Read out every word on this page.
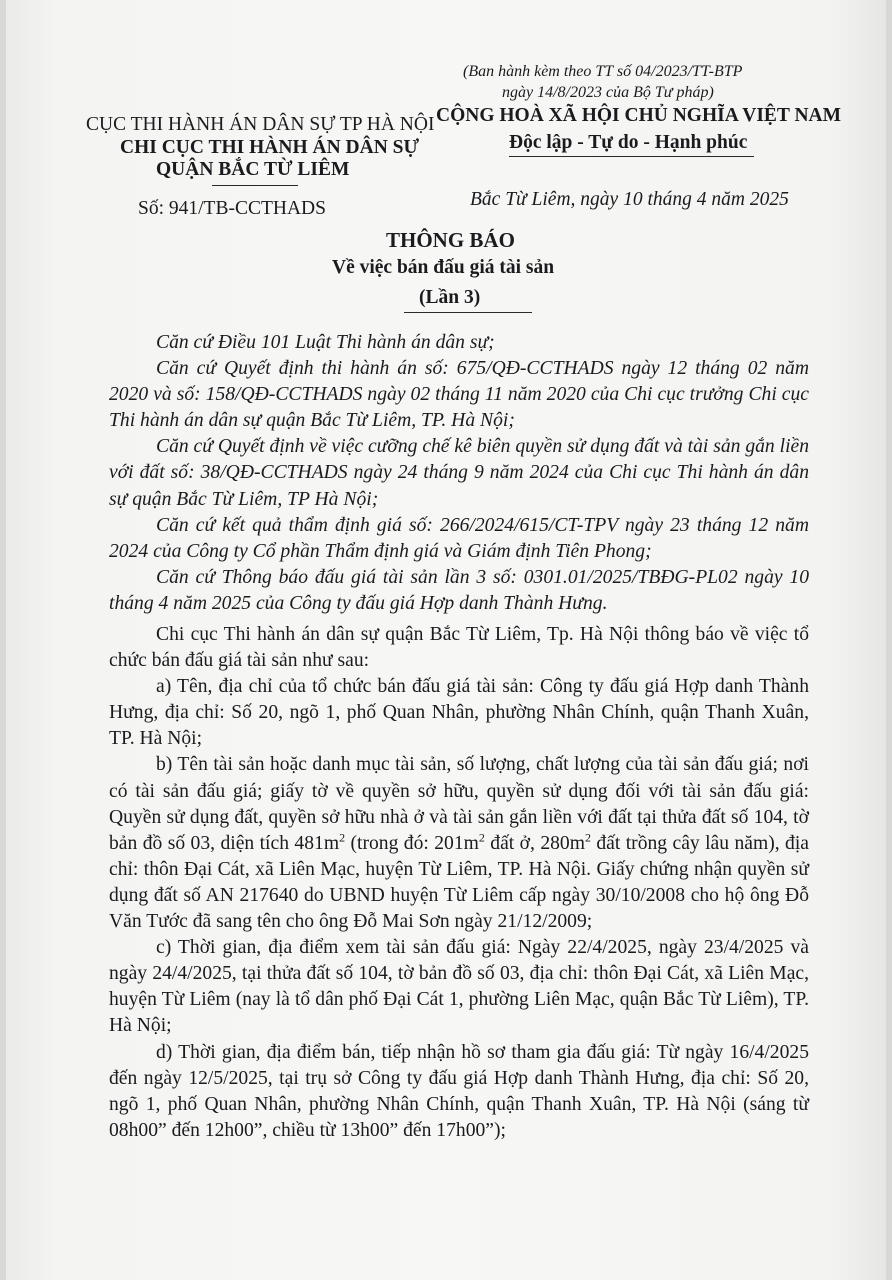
(Ban hành kèm theo TT số 04/2023/TT-BTP
ngày 14/8/2023 của Bộ Tư pháp)
CỤC THI HÀNH ÁN DÂN SỰ TP HÀ NỘI
CHI CỤC THI HÀNH ÁN DÂN SỰ
QUẬN BẮC TỪ LIÊM
CỘNG HOÀ XÃ HỘI CHỦ NGHĨA VIỆT NAM
Độc lập - Tự do - Hạnh phúc
Số: 941/TB-CCTHADS	Bắc Từ Liêm, ngày 10 tháng 4 năm 2025
THÔNG BÁO
Về việc bán đấu giá tài sản
(Lần 3)

Căn cứ Điều 101 Luật Thi hành án dân sự;

Căn cứ Quyết định thi hành án số: 675/QĐ-CCTHADS ngày 12 tháng 02 năm 2020 và số: 158/QĐ-CCTHADS ngày 02 tháng 11 năm 2020 của Chi cục trưởng Chi cục Thi hành án dân sự quận Bắc Từ Liêm, TP. Hà Nội;

Căn cứ Quyết định về việc cưỡng chế kê biên quyền sử dụng đất và tài sản gắn liền với đất số: 38/QĐ-CCTHADS ngày 24 tháng 9 năm 2024 của Chi cục Thi hành án dân sự quận Bắc Từ Liêm, TP Hà Nội;

Căn cứ kết quả thẩm định giá số: 266/2024/615/CT-TPV ngày 23 tháng 12 năm 2024 của Công ty Cổ phần Thẩm định giá và Giám định Tiên Phong;

Căn cứ Thông báo đấu giá tài sản lần 3 số: 0301.01/2025/TBĐG-PL02 ngày 10 tháng 4 năm 2025 của Công ty đấu giá Hợp danh Thành Hưng.

Chi cục Thi hành án dân sự quận Bắc Từ Liêm, Tp. Hà Nội thông báo về việc tổ chức bán đấu giá tài sản như sau:

a) Tên, địa chỉ của tổ chức bán đấu giá tài sản: Công ty đấu giá Hợp danh Thành Hưng, địa chỉ: Số 20, ngõ 1, phố Quan Nhân, phường Nhân Chính, quận Thanh Xuân, TP. Hà Nội;

b) Tên tài sản hoặc danh mục tài sản, số lượng, chất lượng của tài sản đấu giá; nơi có tài sản đấu giá; giấy tờ về quyền sở hữu, quyền sử dụng đối với tài sản đấu giá: Quyền sử dụng đất, quyền sở hữu nhà ở và tài sản gắn liền với đất tại thửa đất số 104, tờ bản đồ số 03, diện tích $481m^2$ (trong đó: $201m^2$ đất ở, $280m^2$ đất trồng cây lâu năm), địa chỉ: thôn Đại Cát, xã Liên Mạc, huyện Từ Liêm, TP. Hà Nội. Giấy chứng nhận quyền sử dụng đất số AN 217640 do UBND huyện Từ Liêm cấp ngày 30/10/2008 cho hộ ông Đỗ Văn Tước đã sang tên cho ông Đỗ Mai Sơn ngày 21/12/2009;

c) Thời gian, địa điểm xem tài sản đấu giá: Ngày 22/4/2025, ngày 23/4/2025 và ngày 24/4/2025, tại thửa đất số 104, tờ bản đồ số 03, địa chỉ: thôn Đại Cát, xã Liên Mạc, huyện Từ Liêm (nay là tổ dân phố Đại Cát 1, phường Liên Mạc, quận Bắc Từ Liêm), TP. Hà Nội;

d) Thời gian, địa điểm bán, tiếp nhận hồ sơ tham gia đấu giá: Từ ngày 16/4/2025 đến ngày 12/5/2025, tại trụ sở Công ty đấu giá Hợp danh Thành Hưng, địa chỉ: Số 20, ngõ 1, phố Quan Nhân, phường Nhân Chính, quận Thanh Xuân, TP. Hà Nội (sáng từ 08h00” đến 12h00”, chiều từ 13h00” đến 17h00”);
